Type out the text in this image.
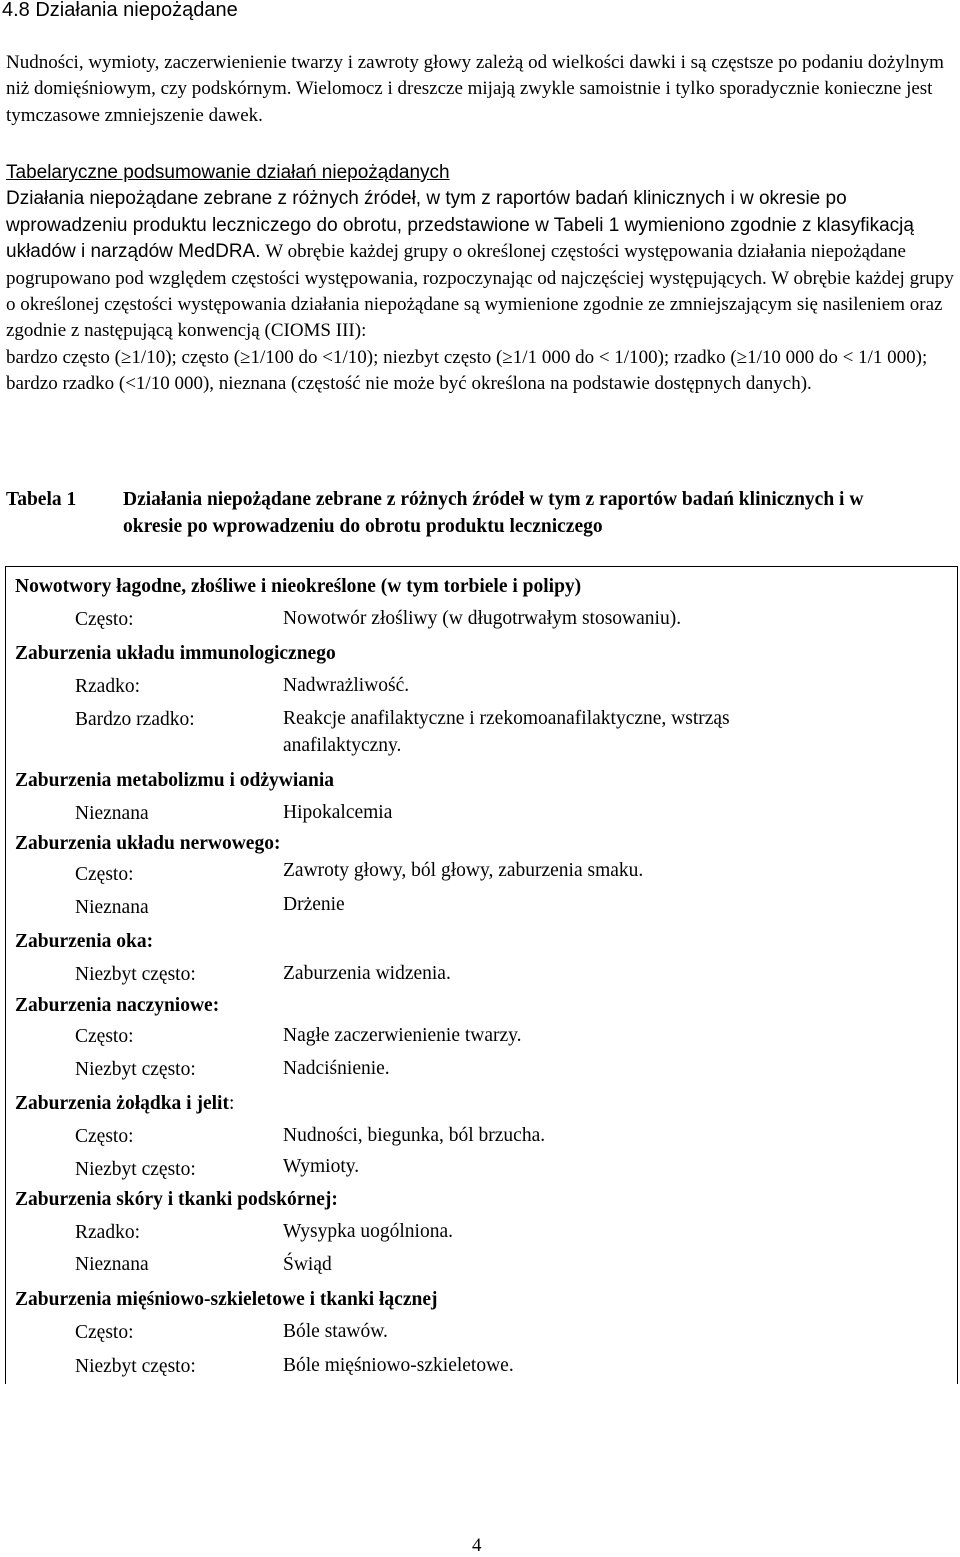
4.8 Działania niepożądane
Nudności, wymioty, zaczerwienienie twarzy i zawroty głowy zależą od wielkości dawki i są częstsze po podaniu dożylnym niż domięśniowym, czy podskórnym. Wielomocz i dreszcze mijają zwykle samoistnie i tylko sporadycznie konieczne jest tymczasowe zmniejszenie dawek.
Tabelaryczne podsumowanie działań niepożądanych
Działania niepożądane zebrane z różnych źródeł, w tym z raportów badań klinicznych i w okresie po wprowadzeniu produktu leczniczego do obrotu, przedstawione w Tabeli 1 wymieniono zgodnie z klasyfikacją układów i narządów MedDRA. W obrębie każdej grupy o określonej częstości występowania działania niepożądane pogrupowano pod względem częstości występowania, rozpoczynając od najczęściej występujących. W obrębie każdej grupy o określonej częstości występowania działania niepożądane są wymienione zgodnie ze zmniejszającym się nasileniem oraz zgodnie z następującą konwencją (CIOMS III):
bardzo często (≥1/10); często (≥1/100 do <1/10); niezbyt często (≥1/1 000 do < 1/100); rzadko (≥1/10 000 do < 1/1 000); bardzo rzadko (<1/10 000), nieznana (częstość nie może być określona na podstawie dostępnych danych).
Tabela 1 Działania niepożądane zebrane z różnych źródeł w tym z raportów badań klinicznych i w okresie po wprowadzeniu do obrotu produktu leczniczego
Nowotwory łagodne, złośliwe i nieokreślone (w tym torbiele i polipy)
Często:	Nowotwór złośliwy (w długotrwałym stosowaniu).
Zaburzenia układu immunologicznego
Rzadko:	Nadwrażliwość.
Bardzo rzadko:	Reakcje anafilaktyczne i rzekomoanafilaktyczne, wstrząs anafilaktyczny.
Zaburzenia metabolizmu i odżywiania
Nieznana	Hipokalcemia
Zaburzenia układu nerwowego:
Często:	Zawroty głowy, ból głowy, zaburzenia smaku.
Nieznana	Drżenie
Zaburzenia oka:
Niezbyt często:	Zaburzenia widzenia.
Zaburzenia naczyniowe:
Często:	Nagłe zaczerwienienie twarzy.
Niezbyt często:	Nadciśnienie.
Zaburzenia żołądka i jelit:
Często:	Nudności, biegunka, ból brzucha.
Niezbyt często:	Wymioty.
Zaburzenia skóry i tkanki podskórnej:
Rzadko:	Wysypka uogólniona.
Nieznana	Świąd
Zaburzenia mięśniowo-szkieletowe i tkanki łącznej
Często:	Bóle stawów.
Niezbyt często:	Bóle mięśniowo-szkieletowe.
4
